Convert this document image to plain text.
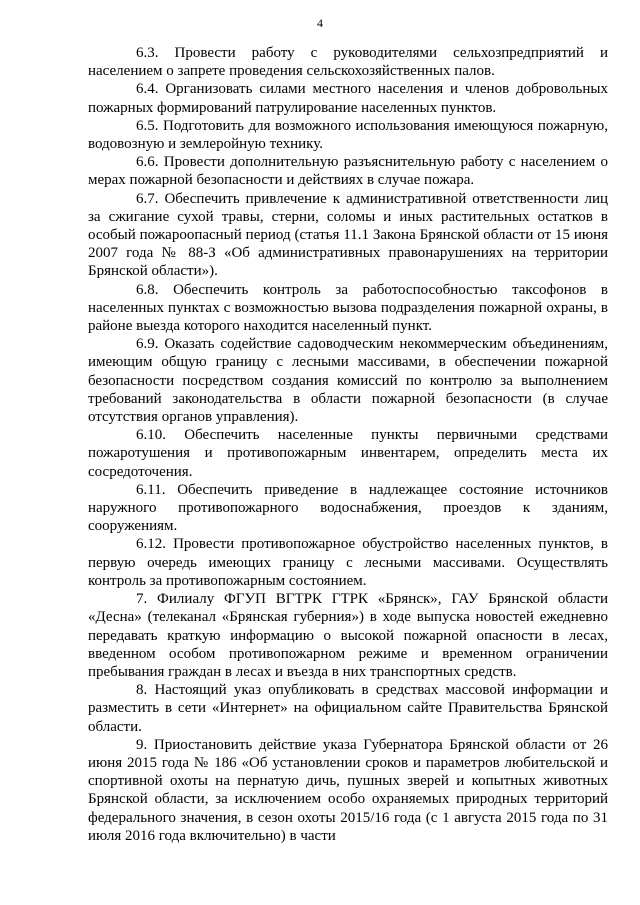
4

6.3. Провести работу с руководителями сельхозпредприятий и населением о запрете проведения сельскохозяйственных палов.

6.4. Организовать силами местного населения и членов добровольных пожарных формирований патрулирование населенных пунктов.

6.5. Подготовить для возможного использования имеющуюся пожарную, водовозную и землеройную технику.

6.6. Провести дополнительную разъяснительную работу с населением о мерах пожарной безопасности и действиях в случае пожара.

6.7. Обеспечить привлечение к административной ответственности лиц за сжигание сухой травы, стерни, соломы и иных растительных остатков в особый пожароопасный период (статья 11.1 Закона Брянской области от 15 июня 2007 года № 88-З «Об административных правонарушениях на территории Брянской области»).

6.8. Обеспечить контроль за работоспособностью таксофонов в населенных пунктах с возможностью вызова подразделения пожарной охраны, в районе выезда которого находится населенный пункт.

6.9. Оказать содействие садоводческим некоммерческим объединениям, имеющим общую границу с лесными массивами, в обеспечении пожарной безопасности посредством создания комиссий по контролю за выполнением требований законодательства в области пожарной безопасности (в случае отсутствия органов управления).

6.10. Обеспечить населенные пункты первичными средствами пожаротушения и противопожарным инвентарем, определить места их сосредоточения.

6.11. Обеспечить приведение в надлежащее состояние источников наружного противопожарного водоснабжения, проездов к зданиям, сооружениям.

6.12. Провести противопожарное обустройство населенных пунктов, в первую очередь имеющих границу с лесными массивами. Осуществлять контроль за противопожарным состоянием.

7. Филиалу ФГУП ВГТРК ГТРК «Брянск», ГАУ Брянской области «Десна» (телеканал «Брянская губерния») в ходе выпуска новостей ежедневно передавать краткую информацию о высокой пожарной опасности в лесах, введенном особом противопожарном режиме и временном ограничении пребывания граждан в лесах и въезда в них транспортных средств.

8. Настоящий указ опубликовать в средствах массовой информации и разместить в сети «Интернет» на официальном сайте Правительства Брянской области.

9. Приостановить действие указа Губернатора Брянской области от 26 июня 2015 года № 186 «Об установлении сроков и параметров любительской и спортивной охоты на пернатую дичь, пушных зверей и копытных животных Брянской области, за исключением особо охраняемых природных территорий федерального значения, в сезон охоты 2015/16 года (с 1 августа 2015 года по 31 июля 2016 года включительно) в части
